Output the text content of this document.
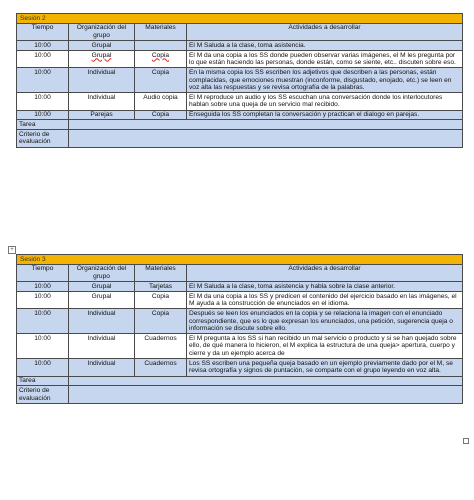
+
Sesión 2			
Tiempo	Organización del grupo	Materiales	Actividades a desarrollar
10:00	Grupal		El M Saluda a la clase, toma asistencia.
10:00	Grupal	Copia	El M da una copia a los SS donde pueden observar varias imágenes, el M les pregunta por lo que están haciendo las personas, donde están, como se siente, etc.. discuten sobre eso.
10:00	Individual	Copia	En la misma copia los SS escriben los adjetivos que describen a las personas, están complacidas, que emociones muestran (inconforme, disgustado, enojado, etc.) se leen en voz alta las respuestas y se revisa ortografía de la palabras.
10:00	Individual	Audio copia	El M reproduce un audio y los SS escuchan una conversación donde los interlocutores hablan sobre una queja de un servicio mal recibido.
10:00	Parejas	Copia	Enseguida los SS completan la conversación y practican el dialogo en parejas.
Tarea			
Criterio de evaluación			
Sesión 3			
Tiempo	Organización del grupo	Materiales	Actividades a desarrollar
10:00	Grupal	Tarjetas	El M Saluda a la clase, toma asistencia y habla sobre la clase anterior.
10:00	Grupal	Copia	El M da una copia a los SS y predicen el contenido del ejercicio basado en las imágenes, el M ayuda a la construcción de enunciados en el idioma.
10:00	Individual	Copia	Después se leen los enunciados en la copia y se relaciona la imagen con el enunciado correspondiente, que es lo que expresan los enunciados, una petición, sugerencia queja o información se discute sobre ello.
10:00	Individual	Cuadernos	El M pregunta a los SS si han recibido un mal servicio o producto y si se han quejado sobre ello, de qué manera lo hicieron, el M explica la estructura de una queja> apertura, cuerpo y cierre y da un ejemplo acerca de
10:00	Individual	Cuadernos	Los SS escriben una pequeña queja basado en un ejemplo previamente dado por el M, se revisa ortografía y signos de puntación, se comparte con el grupo leyendo en voz alta.
Tarea			
Criterio de evaluación			
